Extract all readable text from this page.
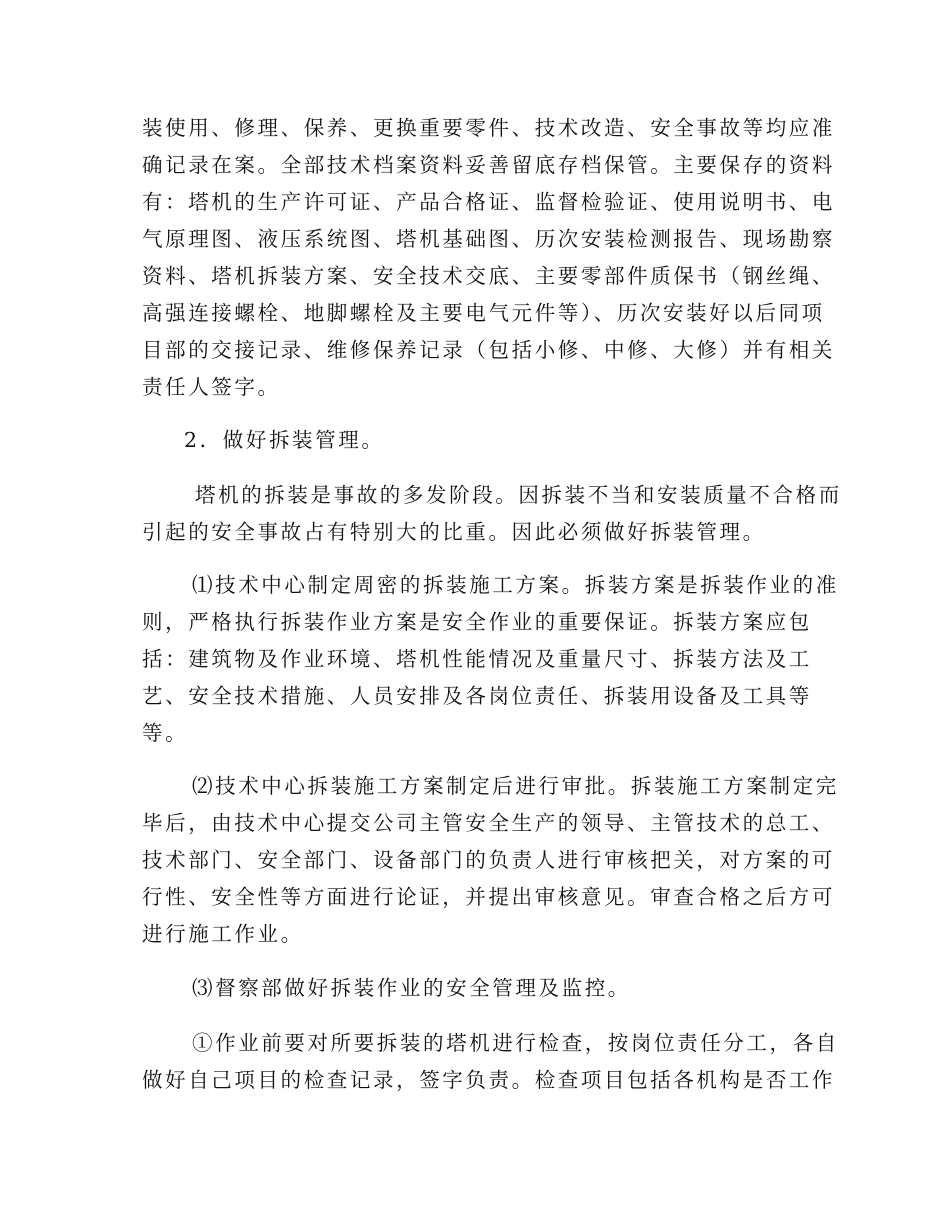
装使用、修理、保养、更换重要零件、技术改造、安全事故等均应准
确记录在案。全部技术档案资料妥善留底存档保管。主要保存的资料
有：塔机的生产许可证、产品合格证、监督检验证、使用说明书、电
气原理图、液压系统图、塔机基础图、历次安装检测报告、现场勘察
资料、塔机拆装方案、安全技术交底、主要零部件质保书（钢丝绳、
高强连接螺栓、地脚螺栓及主要电气元件等）、历次安装好以后同项
目部的交接记录、维修保养记录（包括小修、中修、大修）并有相关
责任人签字。
2．做好拆装管理。
塔机的拆装是事故的多发阶段。因拆装不当和安装质量不合格而
引起的安全事故占有特别大的比重。因此必须做好拆装管理。
⑴技术中心制定周密的拆装施工方案。拆装方案是拆装作业的准
则，严格执行拆装作业方案是安全作业的重要保证。拆装方案应包
括：建筑物及作业环境、塔机性能情况及重量尺寸、拆装方法及工
艺、安全技术措施、人员安排及各岗位责任、拆装用设备及工具等
等。
⑵技术中心拆装施工方案制定后进行审批。拆装施工方案制定完
毕后，由技术中心提交公司主管安全生产的领导、主管技术的总工、
技术部门、安全部门、设备部门的负责人进行审核把关，对方案的可
行性、安全性等方面进行论证，并提出审核意见。审查合格之后方可
进行施工作业。
⑶督察部做好拆装作业的安全管理及监控。
①作业前要对所要拆装的塔机进行检查，按岗位责任分工，各自
做好自己项目的检查记录，签字负责。检查项目包括各机构是否工作
